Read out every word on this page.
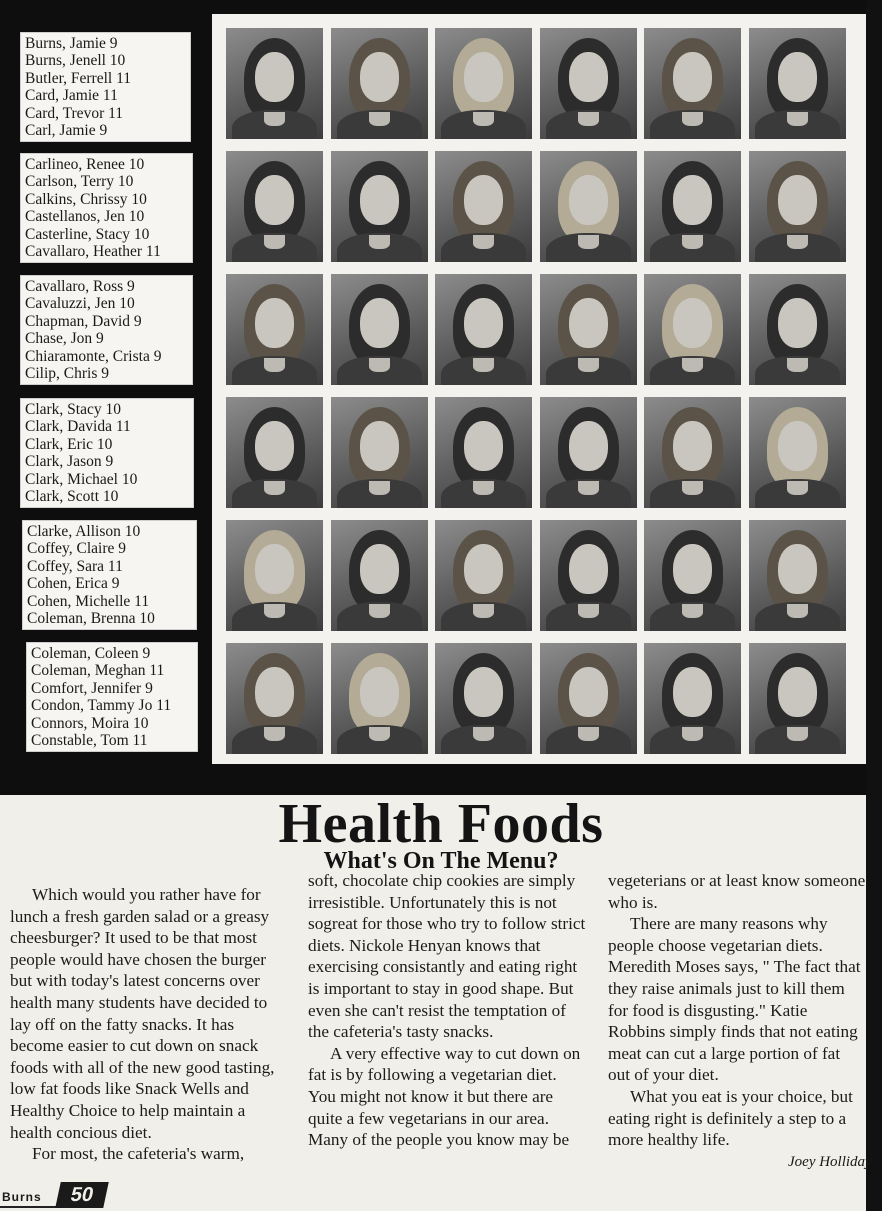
Burns, Jamie 9
Burns, Jenell 10
Butler, Ferrell 11
Card, Jamie 11
Card, Trevor 11
Carl, Jamie 9
Carlineo, Renee 10
Carlson, Terry 10
Calkins, Chrissy 10
Castellanos, Jen 10
Casterline, Stacy 10
Cavallaro, Heather 11
Cavallaro, Ross 9
Cavaluzzi, Jen 10
Chapman, David 9
Chase, Jon 9
Chiaramonte, Crista 9
Cilip, Chris 9
Clark, Stacy 10
Clark, Davida 11
Clark, Eric 10
Clark, Jason 9
Clark, Michael 10
Clark, Scott 10
Clarke, Allison 10
Coffey, Claire 9
Coffey, Sara 11
Cohen, Erica 9
Cohen, Michelle 11
Coleman, Brenna 10
Coleman, Coleen 9
Coleman, Meghan 11
Comfort, Jennifer 9
Condon, Tammy Jo 11
Connors, Moira 10
Constable, Tom 11
Health Foods
What's On The Menu?

Which would you rather have for lunch a fresh garden salad or a greasy cheesburger? It used to be that most people would have chosen the burger but with today's latest concerns over health many students have decided to lay off on the fatty snacks. It has become easier to cut down on snack foods with all of the new good tasting, low fat foods like Snack Wells and Healthy Choice to help maintain a health concious diet.

For most, the cafeteria's warm,

soft, chocolate chip cookies are simply irresistible. Unfortunately this is not sogreat for those who try to follow strict diets. Nickole Henyan knows that exercising consistantly and eating right is important to stay in good shape. But even she can't resist the temptation of the cafeteria's tasty snacks.

A very effective way to cut down on fat is by following a vegetarian diet. You might not know it but there are quite a few vegetarians in our area. Many of the people you know may be

vegeterians or at least know someone who is.

There are many reasons why people choose vegetarian diets. Meredith Moses says, " The fact that they raise animals just to kill them for food is disgusting." Katie Robbins simply finds that not eating meat can cut a large portion of fat out of your diet.

What you eat is your choice, but eating right is definitely a step to a more healthy life.

Joey Holliday
Burns	50
